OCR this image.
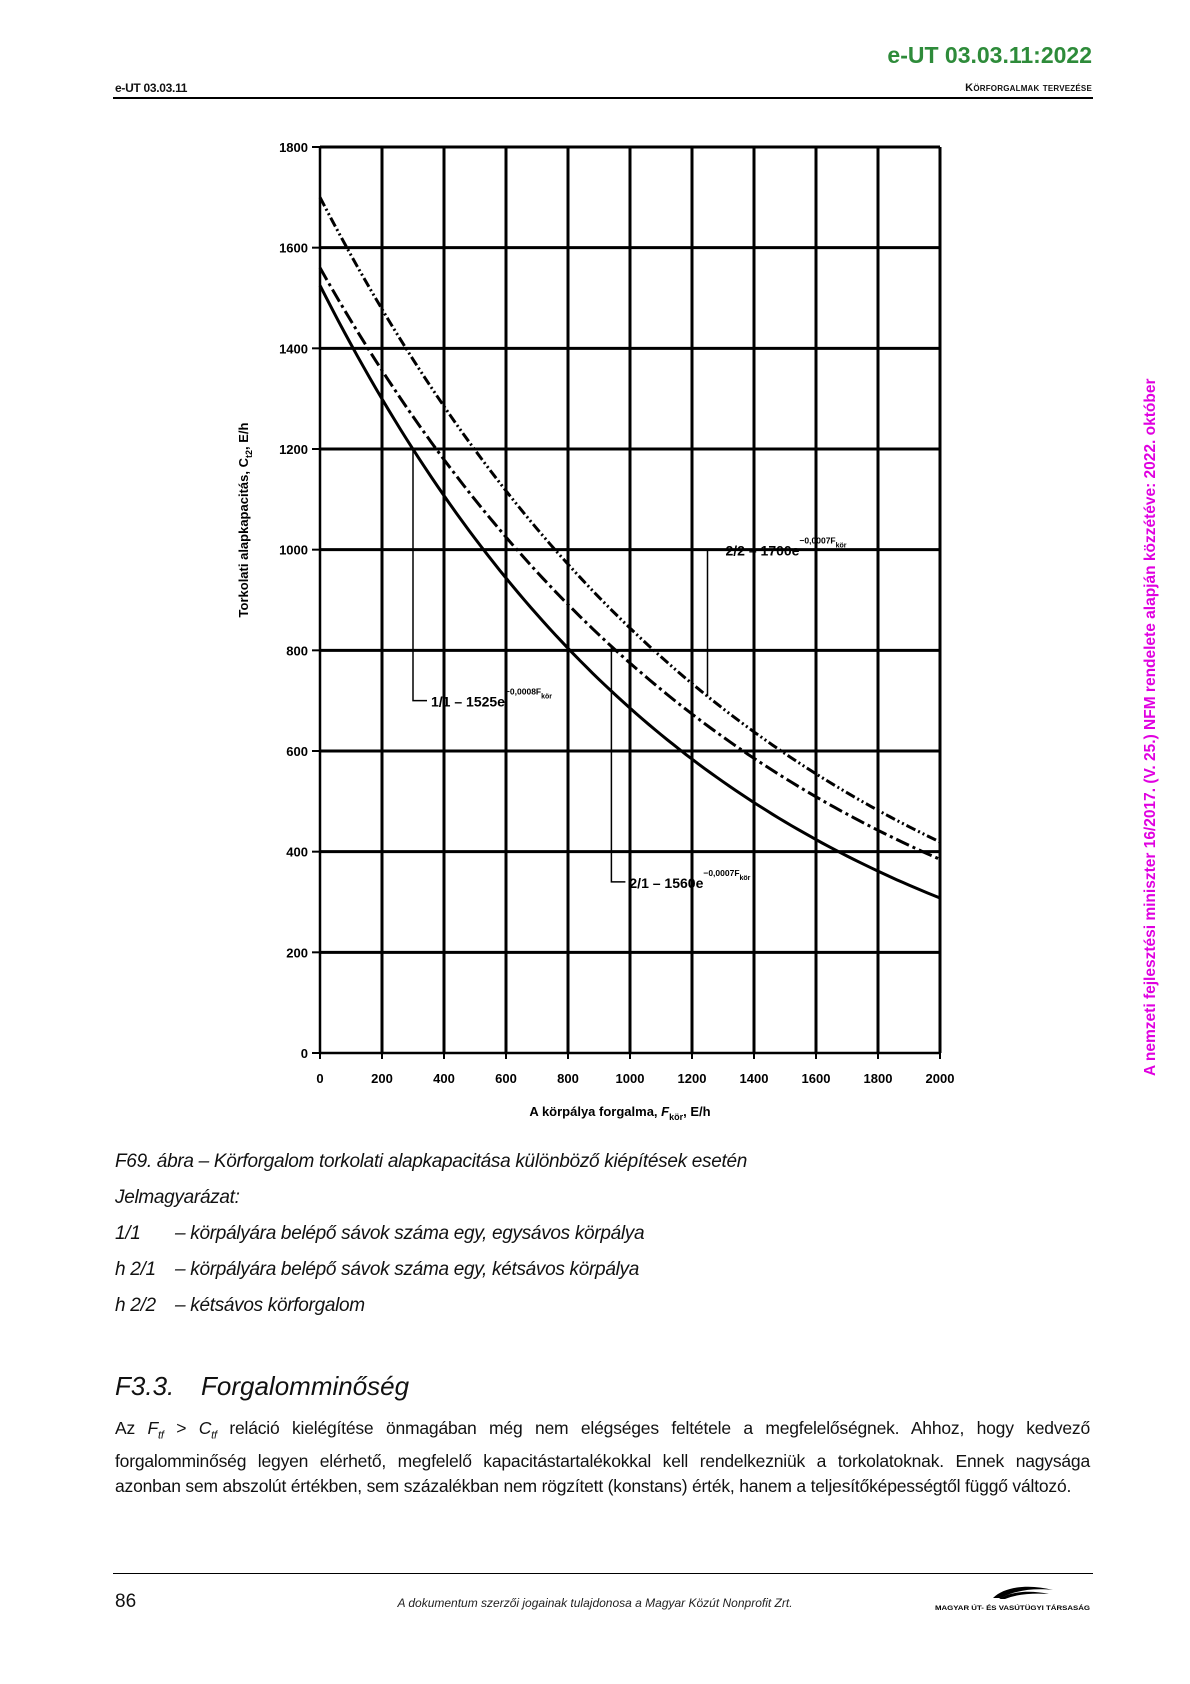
e-UT 03.03.11:2022
e-UT 03.03.11	Körforgalmak tervezése
A nemzeti fejlesztési miniszter 16/2017. (V. 25.) NFM rendelete alapján közzétéve: 2022. október
0	200	400	600	800	1000	1200	1400	1600	1800	2000
0
200
400
600
800
1000
1200
1400
1600
1800
$1/1 - 1525e^{-0,0008F}_{kör}$
$2/1 - 1560e^{-0,0007F}_{kör}$
$2/2 - 1700e^{-0,0007F}_{kör}$
A körpálya forgalma, $F_{kör}$, E/h
Torkolati alapkapacitás, $C_{t2}$, E/h
F69. ábra – Körforgalom torkolati alapkapacitása különböző kiépítések esetén
Jelmagyarázat:
1/1 – körpályára belépő sávok száma egy, egysávos körpálya
h 2/1 – körpályára belépő sávok száma egy, kétsávos körpálya
h 2/2 – kétsávos körforgalom
F3.3. Forgalomminőség
Az $F_{tf} > C_{tf}$ reláció kielégítése önmagában még nem elégséges feltétele a megfelelőségnek. Ahhoz, hogy kedvező forgalomminőség legyen elérhető, megfelelő kapacitástartalékokkal kell rendelkezniük a torkolatoknak. Ennek nagysága azonban sem abszolút értékben, sem százalékban nem rögzített (konstans) érték, hanem a teljesítőképességtől függő változó.
86	A dokumentum szerzői jogainak tulajdonosa a Magyar Közút Nonprofit Zrt.	MAGYAR ÚT- ÉS VASÚTÜGYI TÁRSASÁG
